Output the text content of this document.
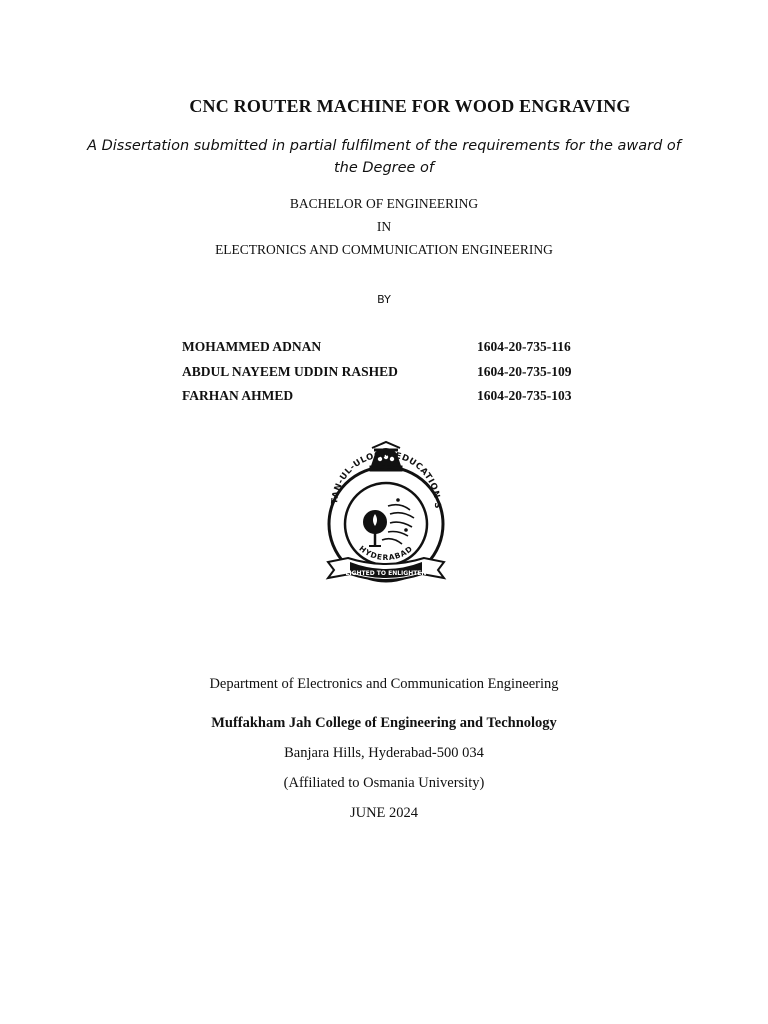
CNC ROUTER MACHINE FOR WOOD ENGRAVING
A Dissertation submitted in partial fulfilment of the requirements for the award of the Degree of
BACHELOR OF ENGINEERING
IN
ELECTRONICS AND COMMUNICATION ENGINEERING
BY
MOHAMMED ADNAN	1604-20-735-116
ABDUL NAYEEM UDDIN RASHED	1604-20-735-109
FARHAN AHMED	1604-20-735-103
TAN-UL-ULOOM EDUCATION S
HYDERABAD
LIGHTED TO ENLIGHTEN
Department of Electronics and Communication Engineering
Muffakham Jah College of Engineering and Technology
Banjara Hills, Hyderabad-500 034
(Affiliated to Osmania University)
JUNE 2024
